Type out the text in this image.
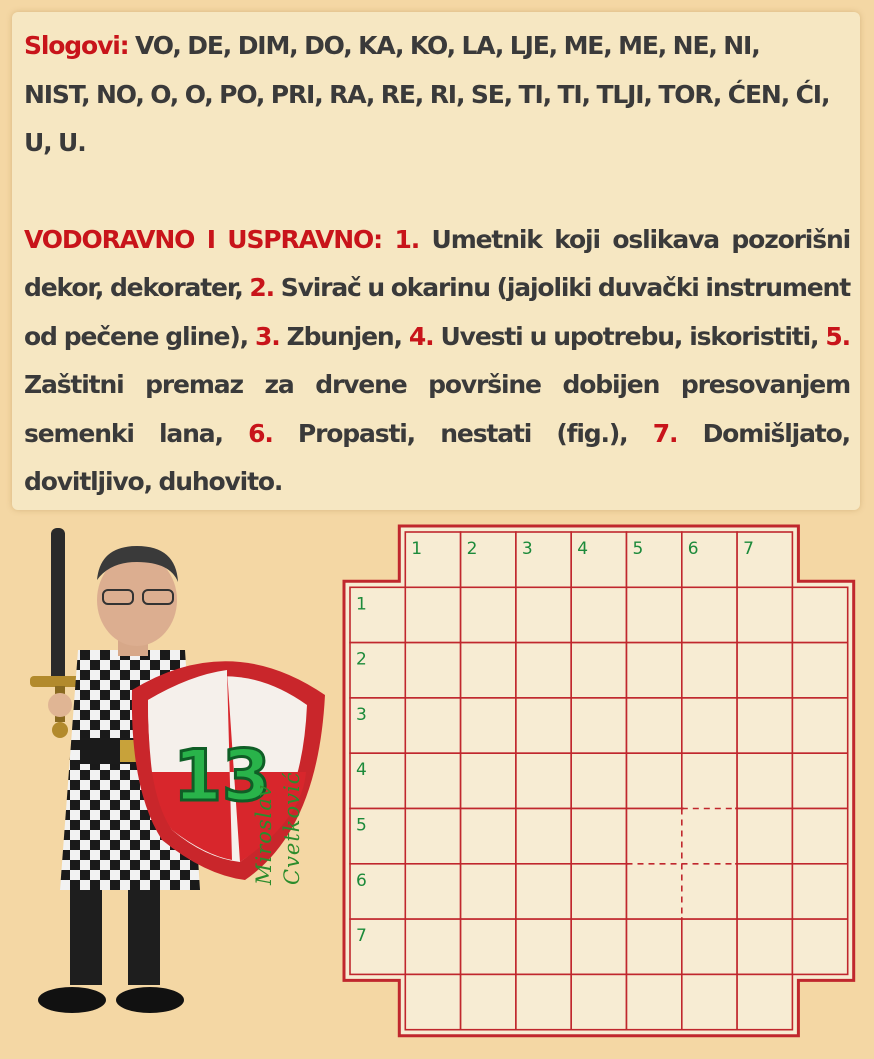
Slogovi: VO, DE, DIM, DO, KA, KO, LA, LJE, ME, ME, NE, NI,

NIST, NO, O, O, PO, PRI, RA, RE, RI, SE, TI, TI, TLJI, TOR, ĆEN, ĆI,

U, U.

VODORAVNO I USPRAVNO: 1. Umetnik koji oslikava pozorišni dekor, dekorater, 2. Svirač u okarinu (jajoliki duvački instrument od pečene gline), 3. Zbunjen, 4. Uvesti u upotrebu, iskoristiti, 5. Zaštitni premaz za drvene površine dobijen presovanjem semenki lana, 6. Propasti, nestati (fig.), 7. Domišljato, dovitljivo, duhovito.

13
Miroslav Cvetković
1	2	3	4	5	6	7
1
2
3
4
5
6
7
